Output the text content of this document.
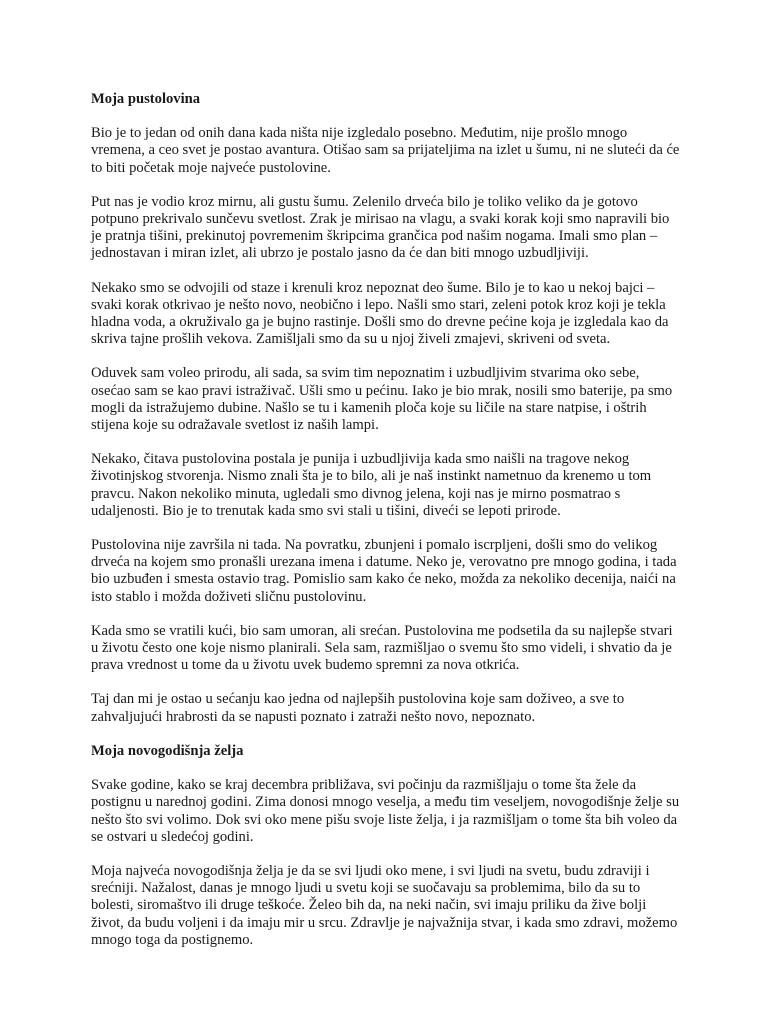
Moja pustolovina

Bio je to jedan od onih dana kada ništa nije izgledalo posebno. Međutim, nije prošlo mnogo vremena, a ceo svet je postao avantura. Otišao sam sa prijateljima na izlet u šumu, ni ne sluteći da će to biti početak moje najveće pustolovine.

Put nas je vodio kroz mirnu, ali gustu šumu. Zelenilo drveća bilo je toliko veliko da je gotovo potpuno prekrivalo sunčevu svetlost. Zrak je mirisao na vlagu, a svaki korak koji smo napravili bio je pratnja tišini, prekinutoj povremenim škripcima grančica pod našim nogama. Imali smo plan – jednostavan i miran izlet, ali ubrzo je postalo jasno da će dan biti mnogo uzbudljiviji.

Nekako smo se odvojili od staze i krenuli kroz nepoznat deo šume. Bilo je to kao u nekoj bajci – svaki korak otkrivao je nešto novo, neobično i lepo. Našli smo stari, zeleni potok kroz koji je tekla hladna voda, a okruživalo ga je bujno rastinje. Došli smo do drevne pećine koja je izgledala kao da skriva tajne prošlih vekova. Zamišljali smo da su u njoj živeli zmajevi, skriveni od sveta.

Oduvek sam voleo prirodu, ali sada, sa svim tim nepoznatim i uzbudljivim stvarima oko sebe, osećao sam se kao pravi istraživač. Ušli smo u pećinu. Iako je bio mrak, nosili smo baterije, pa smo mogli da istražujemo dubine. Našlo se tu i kamenih ploča koje su ličile na stare natpise, i oštrih stijena koje su odražavale svetlost iz naših lampi.

Nekako, čitava pustolovina postala je punija i uzbudljivija kada smo naišli na tragove nekog životinjskog stvorenja. Nismo znali šta je to bilo, ali je naš instinkt nametnuo da krenemo u tom pravcu. Nakon nekoliko minuta, ugledali smo divnog jelena, koji nas je mirno posmatrao s udaljenosti. Bio je to trenutak kada smo svi stali u tišini, diveći se lepoti prirode.

Pustolovina nije završila ni tada. Na povratku, zbunjeni i pomalo iscrpljeni, došli smo do velikog drveća na kojem smo pronašli urezana imena i datume. Neko je, verovatno pre mnogo godina, i tada bio uzbuđen i smesta ostavio trag. Pomislio sam kako će neko, možda za nekoliko decenija, naići na isto stablo i možda doživeti sličnu pustolovinu.

Kada smo se vratili kući, bio sam umoran, ali srećan. Pustolovina me podsetila da su najlepše stvari u životu često one koje nismo planirali. Sela sam, razmišljao o svemu što smo videli, i shvatio da je prava vrednost u tome da u životu uvek budemo spremni za nova otkrića.

Taj dan mi je ostao u sećanju kao jedna od najlepših pustolovina koje sam doživeo, a sve to zahvaljujući hrabrosti da se napusti poznato i zatraži nešto novo, nepoznato.

Moja novogodišnja želja

Svake godine, kako se kraj decembra približava, svi počinju da razmišljaju o tome šta žele da postignu u narednoj godini. Zima donosi mnogo veselja, a među tim veseljem, novogodišnje želje su nešto što svi volimo. Dok svi oko mene pišu svoje liste želja, i ja razmišljam o tome šta bih voleo da se ostvari u sledećoj godini.

Moja najveća novogodišnja želja je da se svi ljudi oko mene, i svi ljudi na svetu, budu zdraviji i srećniji. Nažalost, danas je mnogo ljudi u svetu koji se suočavaju sa problemima, bilo da su to bolesti, siromaštvo ili druge teškoće. Želeo bih da, na neki način, svi imaju priliku da žive bolji život, da budu voljeni i da imaju mir u srcu. Zdravlje je najvažnija stvar, i kada smo zdravi, možemo mnogo toga da postignemo.
